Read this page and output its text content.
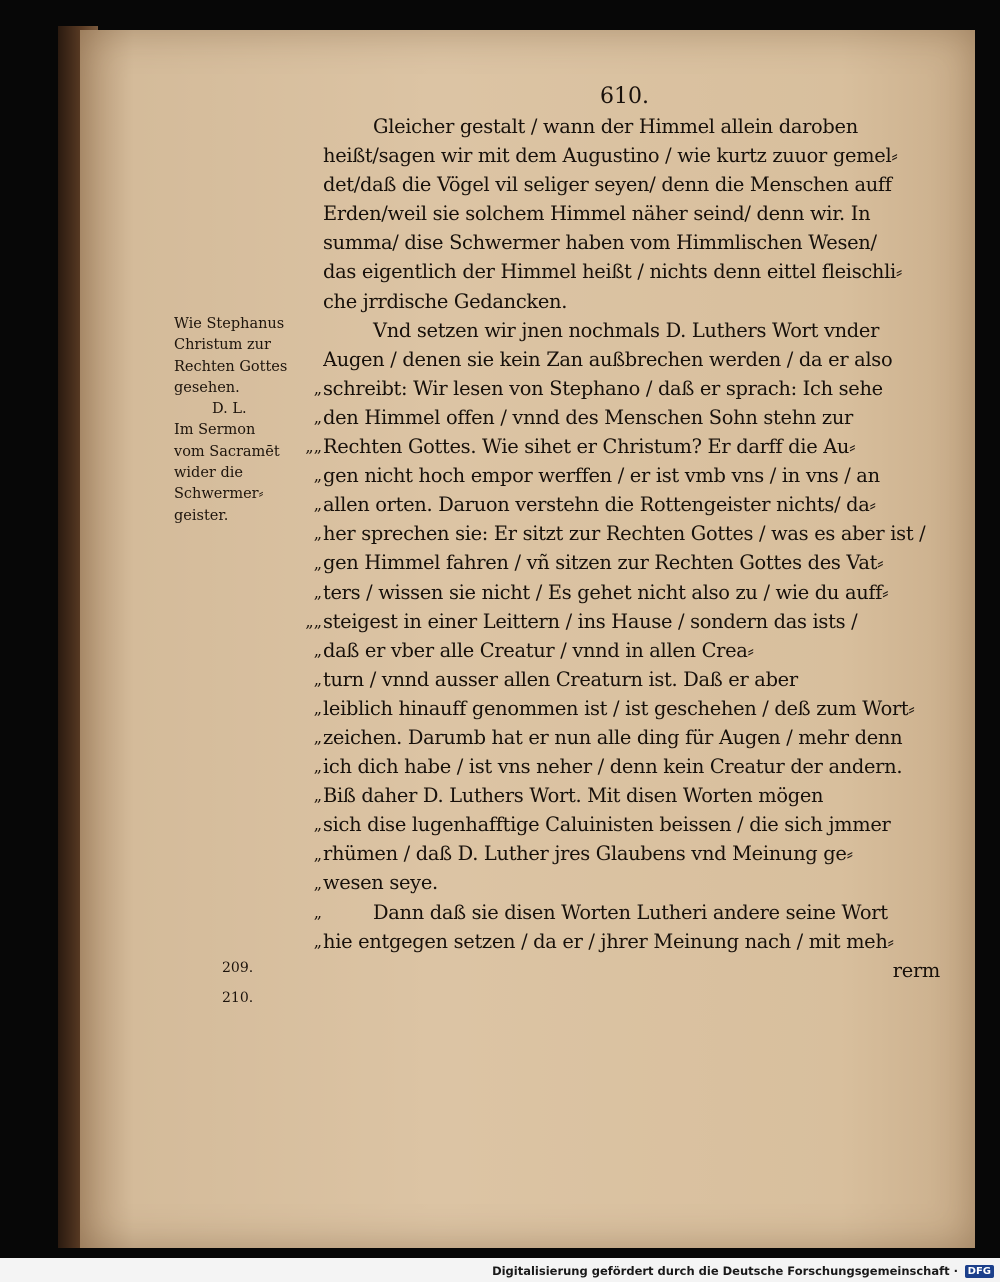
610.
Gleicher gestalt / wann der Himmel allein daroben
heißt/sagen wir mit dem Augustino / wie kurtz zuuor gemel⸗
det/daß die Vögel vil seliger seyen/ denn die Menschen auff
Erden/weil sie solchem Himmel näher seind/ denn wir. In
summa/ dise Schwermer haben vom Himmlischen Wesen/
das eigentlich der Himmel heißt / nichts denn eittel fleischli⸗
che jrrdische Gedancken.
Vnd setzen wir jnen nochmals D. Luthers Wort vnder
Augen / denen sie kein Zan außbrechen werden / da er also
schreibt: Wir lesen von Stephano / daß er sprach: Ich sehe
den Himmel offen / vnnd des Menschen Sohn stehn zur
Rechten Gottes. Wie sihet er Christum? Er darff die Au⸗
gen nicht hoch empor werffen / er ist vmb vns / in vns / an
allen orten. Daruon verstehn die Rottengeister nichts/ da⸗
her sprechen sie: Er sitzt zur Rechten Gottes / was es aber ist /
gen Himmel fahren / vñ sitzen zur Rechten Gottes des Vat⸗
ters / wissen sie nicht / Es gehet nicht also zu / wie du auff⸗
steigest in einer Leittern / ins Hause / sondern das ists /
daß er vber alle Creatur / vnnd in allen Crea⸗
turn / vnnd ausser allen Creaturn ist. Daß er aber
leiblich hinauff genommen ist / ist geschehen / deß zum Wort⸗
zeichen. Darumb hat er nun alle ding für Augen / mehr denn
ich dich habe / ist vns neher / denn kein Creatur der andern.
Biß daher D. Luthers Wort. Mit disen Worten mögen
sich dise lugenhafftige Caluinisten beissen / die sich jmmer
rhümen / daß D. Luther jres Glaubens vnd Meinung ge⸗
wesen seye.
Dann daß sie disen Worten Lutheri andere seine Wort
hie entgegen setzen / da er / jhrer Meinung nach / mit meh⸗
rerm
Wie Stephanus
Christum zur
Rechten Gottes
gesehen.
D. L.
Im Sermon
vom Sacramēt
wider die
Schwermer⸗
geister.
„
„
„„
„
„
„
„
„
„„
„
„
„
„
„
„
„
„
„
„
„
209.
210.
Digitalisierung gefördert durch die Deutsche Forschungsgemeinschaft · DFG
